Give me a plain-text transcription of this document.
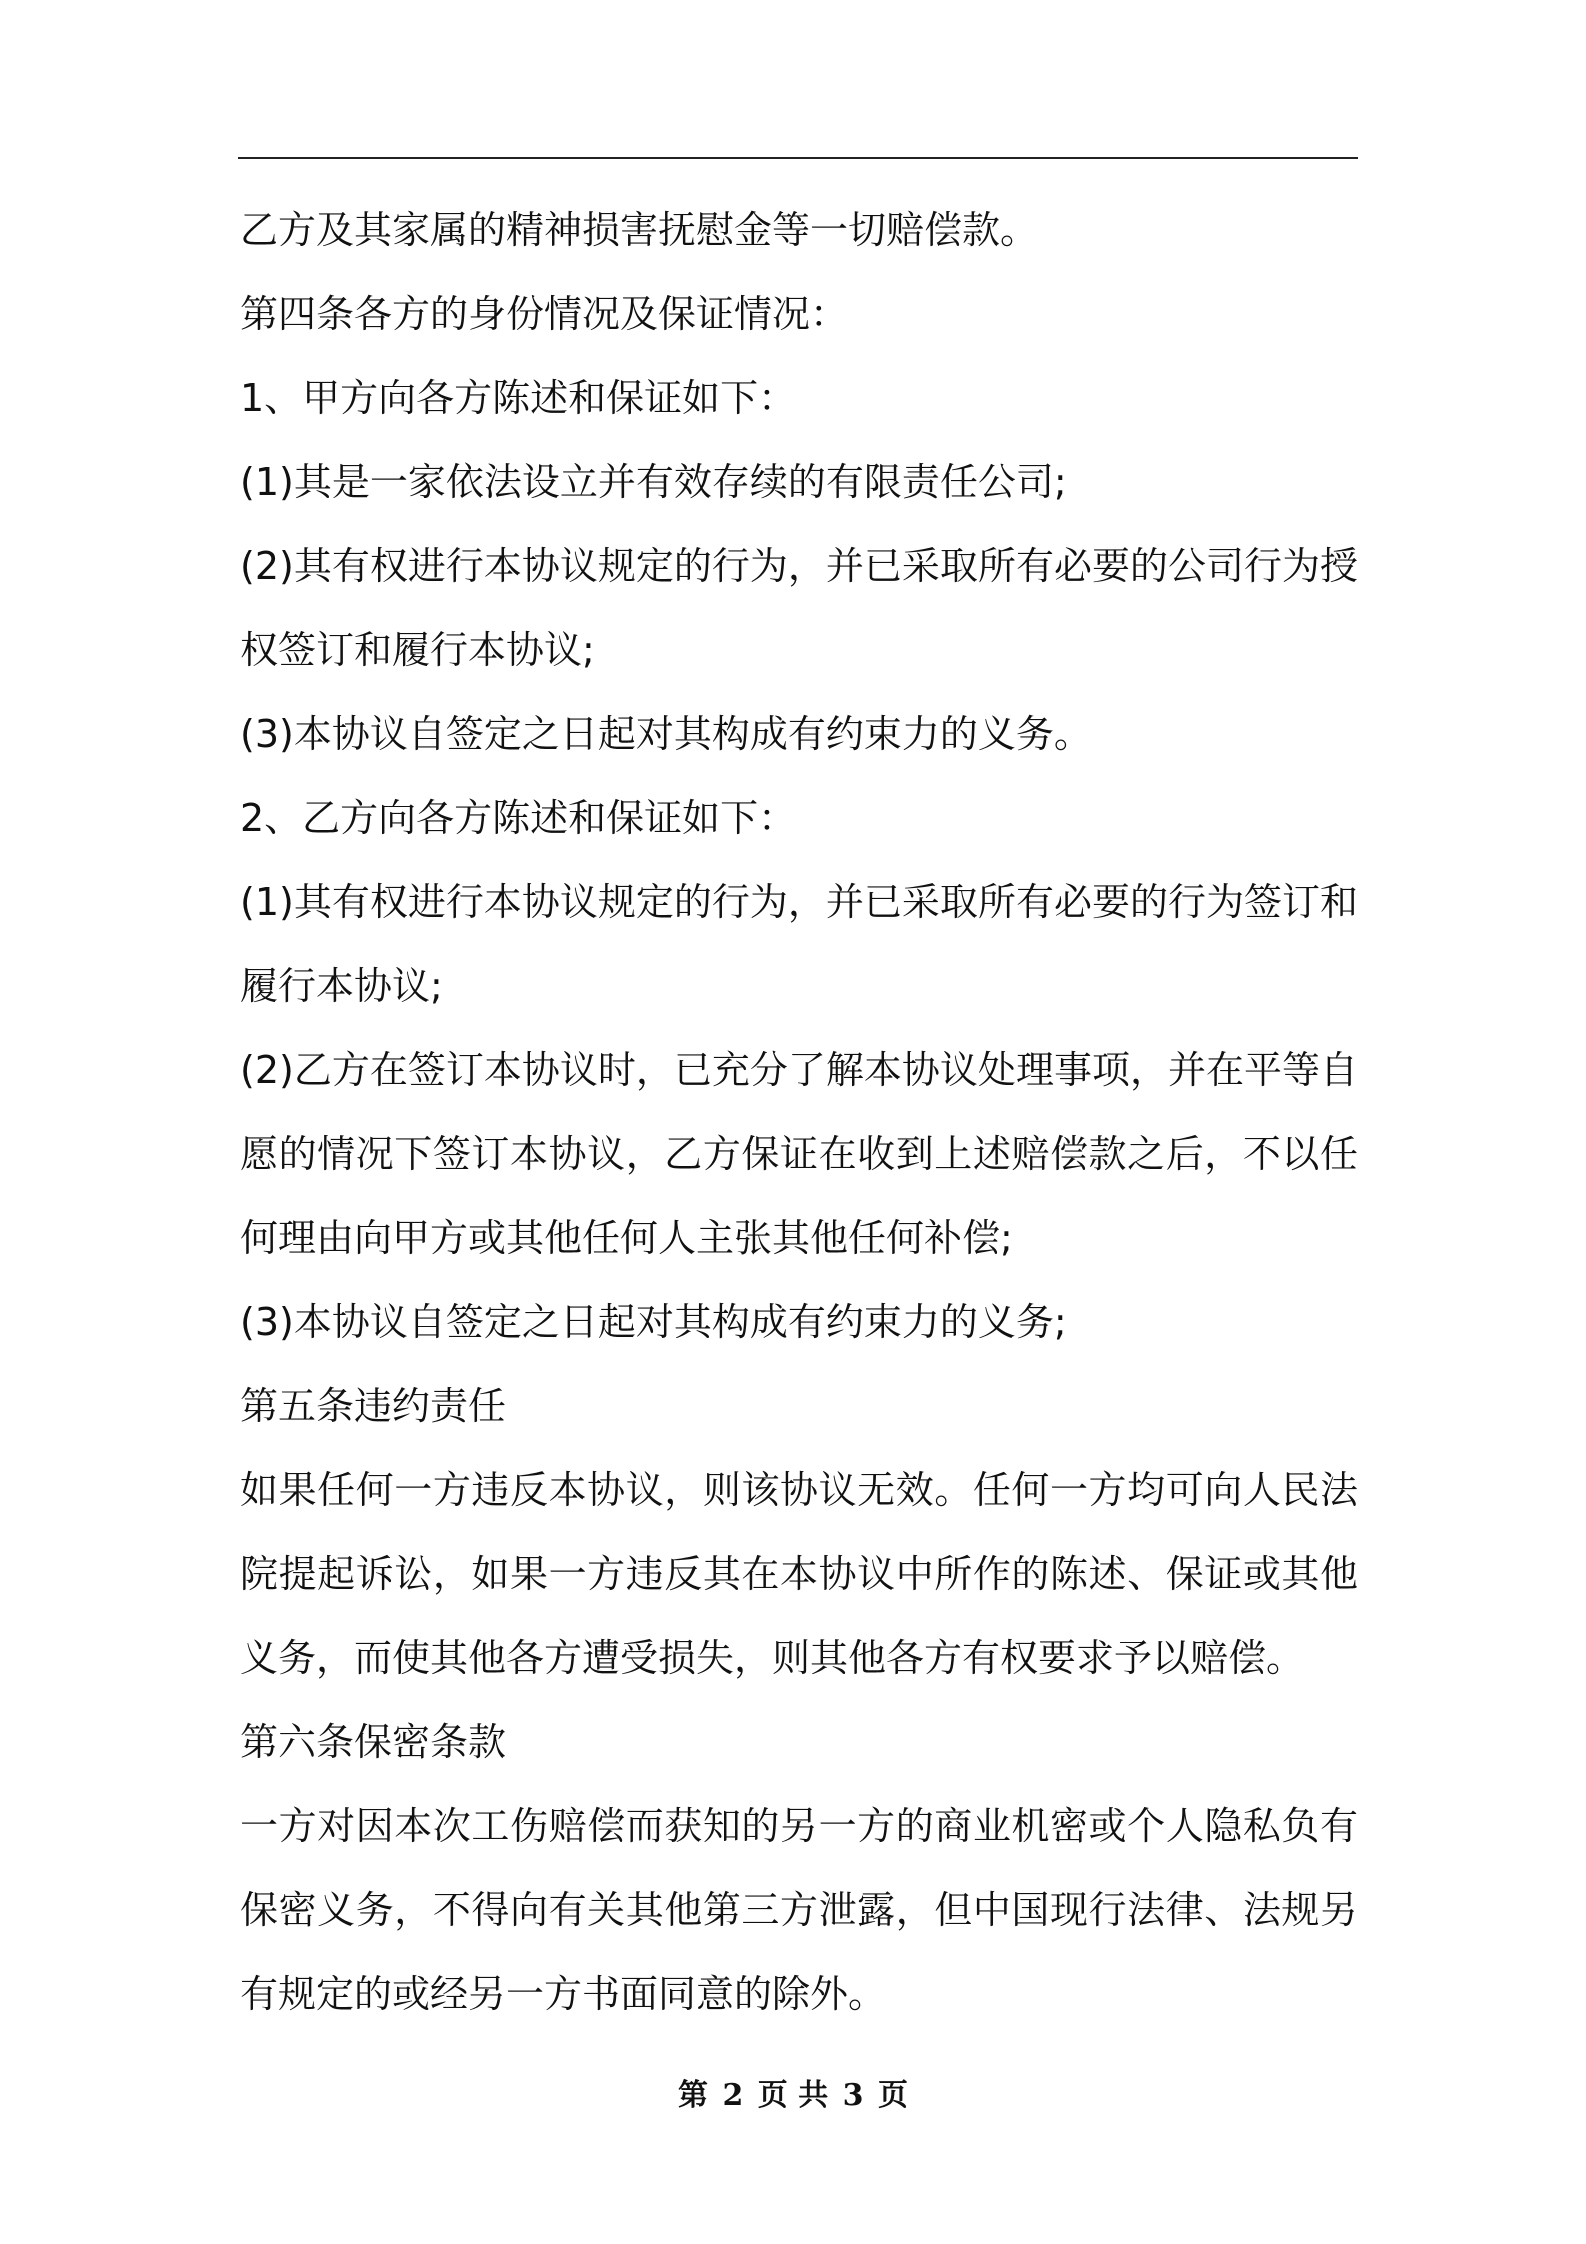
乙方及其家属的精神损害抚慰金等一切赔偿款。

第四条各方的身份情况及保证情况：

1、甲方向各方陈述和保证如下：

(1)其是一家依法设立并有效存续的有限责任公司;

(2)其有权进行本协议规定的行为，并已采取所有必要的公司行为授权签订和履行本协议;

(3)本协议自签定之日起对其构成有约束力的义务。

2、乙方向各方陈述和保证如下：

(1)其有权进行本协议规定的行为，并已采取所有必要的行为签订和履行本协议;

(2)乙方在签订本协议时，已充分了解本协议处理事项，并在平等自愿的情况下签订本协议，乙方保证在收到上述赔偿款之后，不以任何理由向甲方或其他任何人主张其他任何补偿;

(3)本协议自签定之日起对其构成有约束力的义务;

第五条违约责任

如果任何一方违反本协议，则该协议无效。任何一方均可向人民法院提起诉讼，如果一方违反其在本协议中所作的陈述、保证或其他义务，而使其他各方遭受损失，则其他各方有权要求予以赔偿。

第六条保密条款

一方对因本次工伤赔偿而获知的另一方的商业机密或个人隐私负有保密义务，不得向有关其他第三方泄露，但中国现行法律、法规另有规定的或经另一方书面同意的除外。

第 2 页 共 3 页
